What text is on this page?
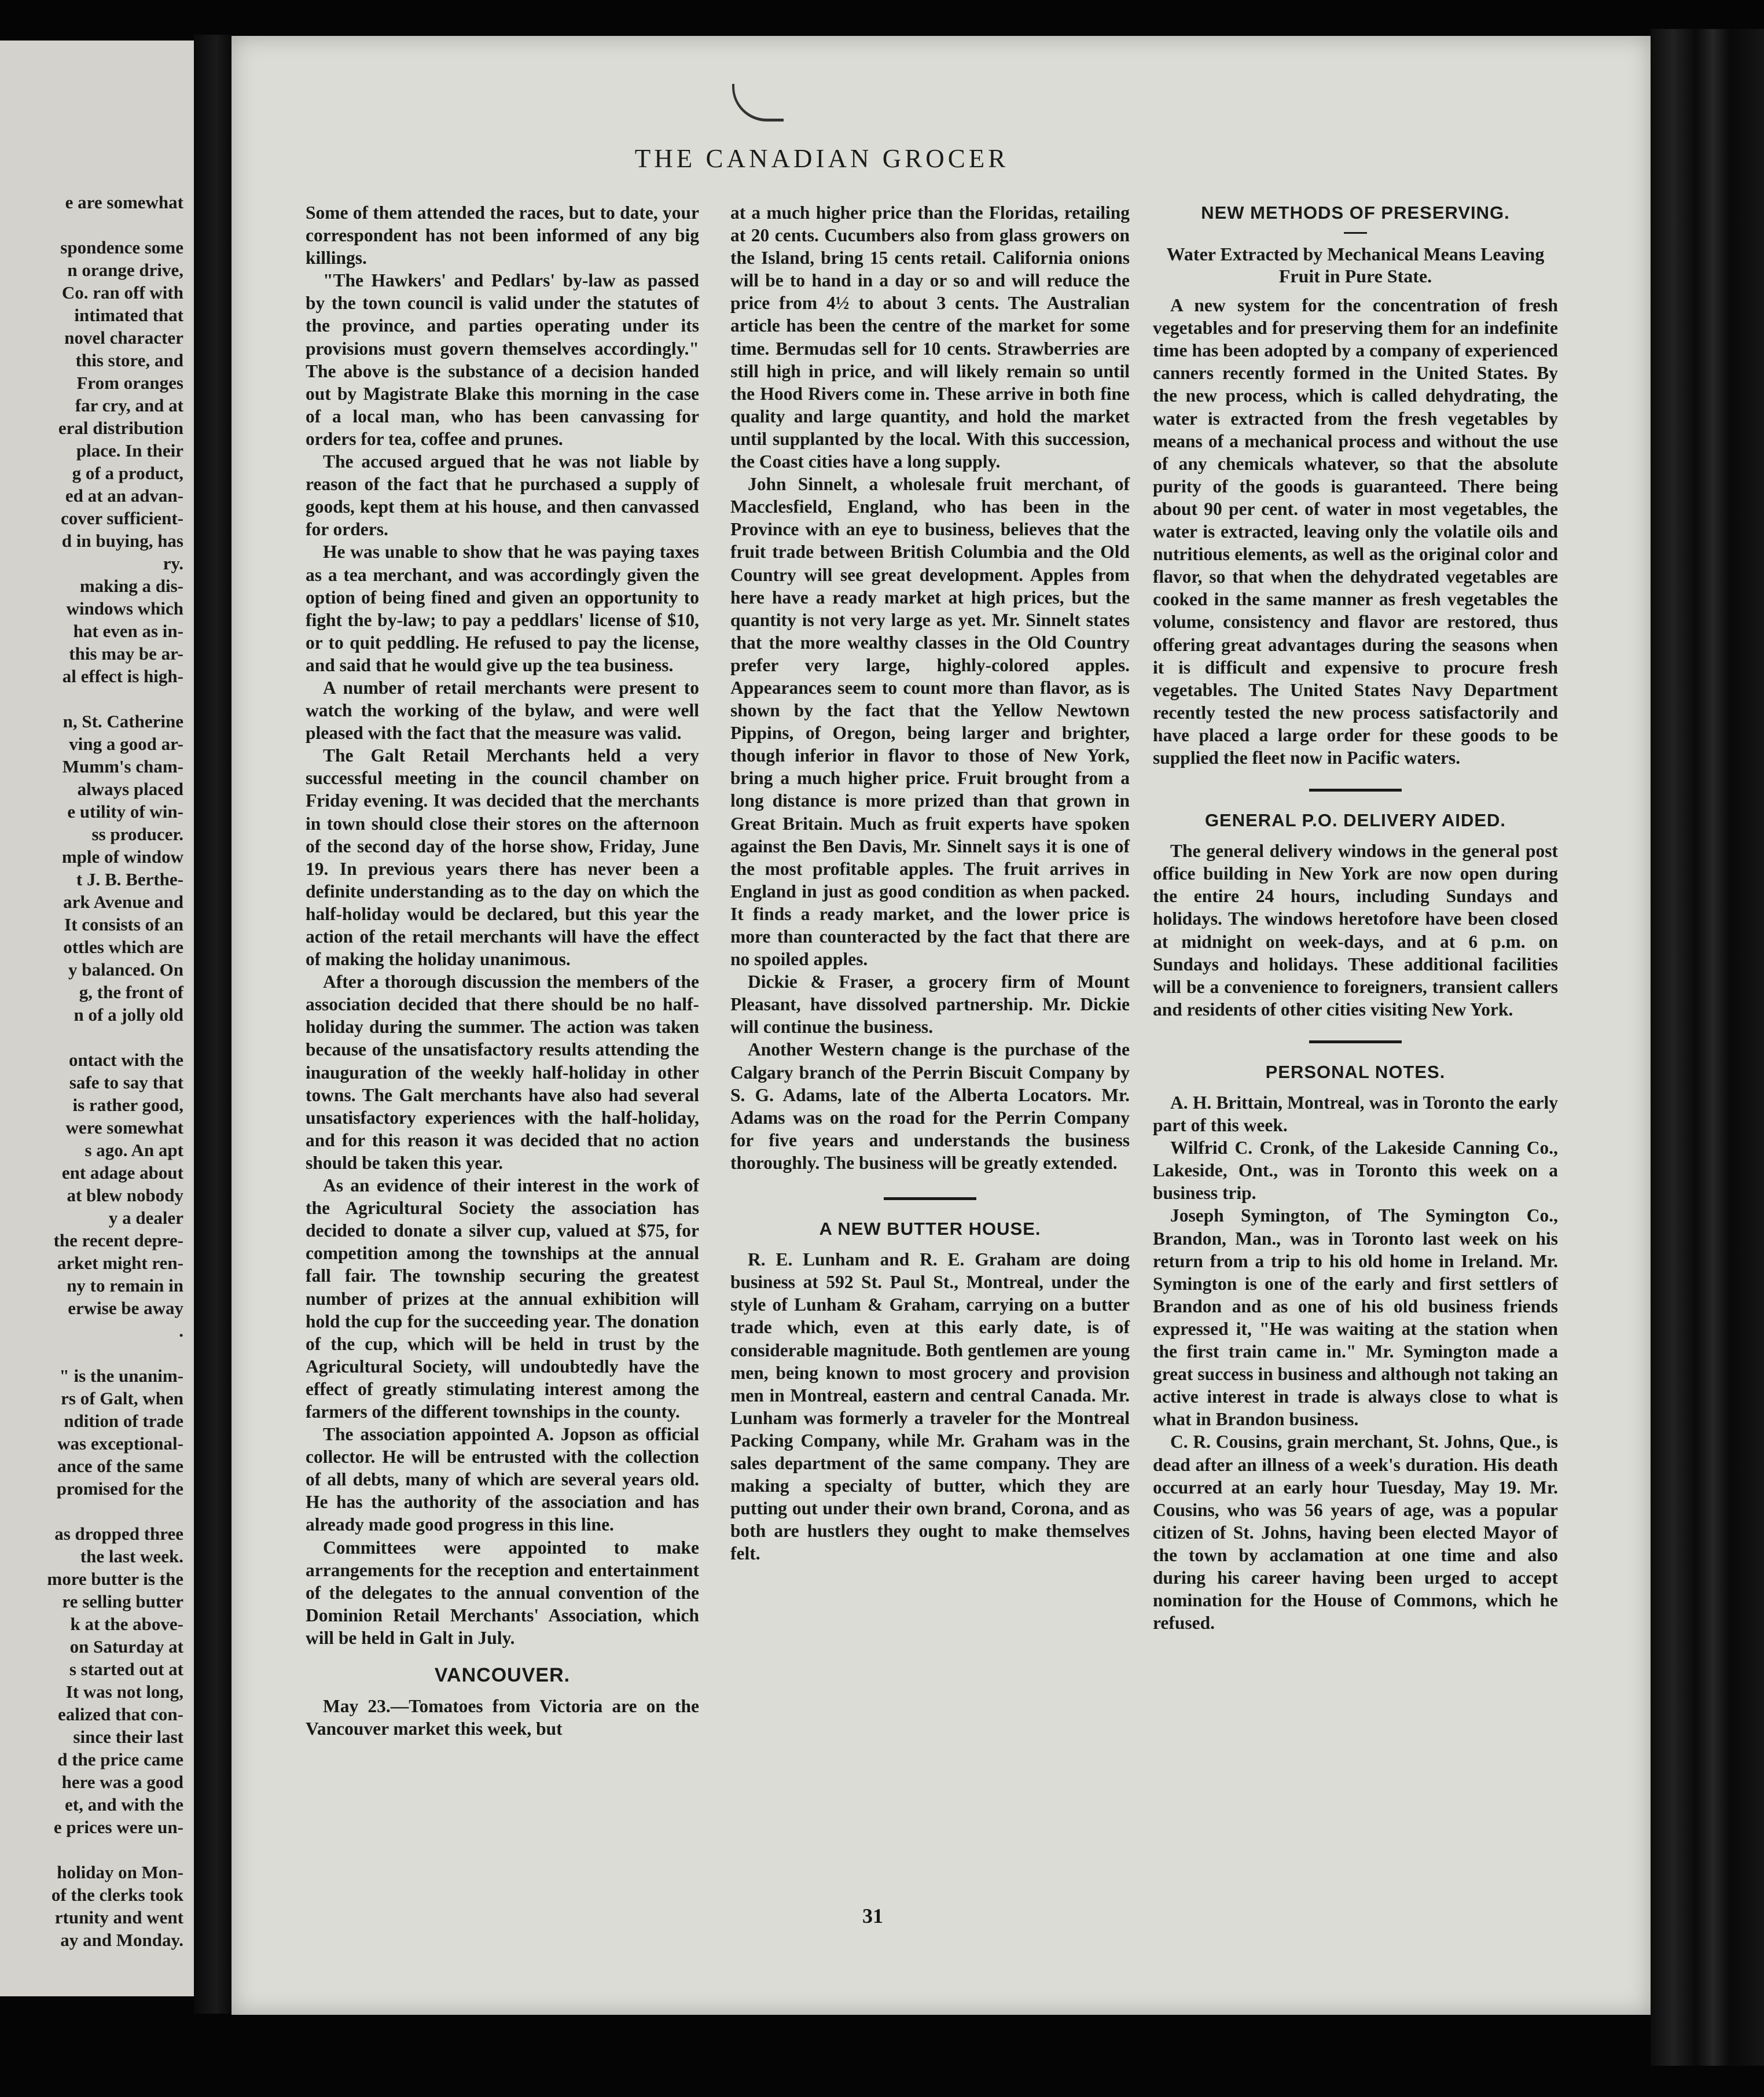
e are somewhat
spondence some
n orange drive,
Co. ran off with
intimated that
novel character
this store, and
From oranges
far cry, and at
eral distribution
place. In their
g of a product,
ed at an advan-
cover sufficient-
d in buying, has
ry.
making a dis-
windows which
hat even as in-
this may be ar-
al effect is high-
n, St. Catherine
ving a good ar-
Mumm's cham-
always placed
e utility of win-
ss producer.
mple of window
t J. B. Berthe-
ark Avenue and
It consists of an
ottles which are
y balanced. On
g, the front of
n of a jolly old
ontact with the
safe to say that
is rather good,
were somewhat
s ago. An apt
ent adage about
at blew nobody
y a dealer
the recent depre-
arket might ren-
ny to remain in
erwise be away
.
" is the unanim-
rs of Galt, when
ndition of trade
was exceptional-
ance of the same
promised for the
as dropped three
the last week.
more butter is the
re selling butter
k at the above-
on Saturday at
s started out at
It was not long,
ealized that con-
since their last
d the price came
here was a good
et, and with the
e prices were un-
holiday on Mon-
of the clerks took
rtunity and went
ay and Monday.
THE CANADIAN GROCER

Some of them attended the races, but to date, your correspondent has not been informed of any big killings.

"The Hawkers' and Pedlars' by-law as passed by the town council is valid under the statutes of the province, and parties operating under its provisions must govern themselves accordingly." The above is the substance of a decision handed out by Magistrate Blake this morning in the case of a local man, who has been canvassing for orders for tea, coffee and prunes.

The accused argued that he was not liable by reason of the fact that he purchased a supply of goods, kept them at his house, and then canvassed for orders.

He was unable to show that he was paying taxes as a tea merchant, and was accordingly given the option of being fined and given an opportunity to fight the by-law; to pay a peddlars' license of $10, or to quit peddling. He refused to pay the license, and said that he would give up the tea business.

A number of retail merchants were present to watch the working of the bylaw, and were well pleased with the fact that the measure was valid.

The Galt Retail Merchants held a very successful meeting in the council chamber on Friday evening. It was decided that the merchants in town should close their stores on the afternoon of the second day of the horse show, Friday, June 19. In previous years there has never been a definite understanding as to the day on which the half-holiday would be declared, but this year the action of the retail merchants will have the effect of making the holiday unanimous.

After a thorough discussion the members of the association decided that there should be no half-holiday during the summer. The action was taken because of the unsatisfactory results attending the inauguration of the weekly half-holiday in other towns. The Galt merchants have also had several unsatisfactory experiences with the half-holiday, and for this reason it was decided that no action should be taken this year.

As an evidence of their interest in the work of the Agricultural Society the association has decided to donate a silver cup, valued at $75, for competition among the townships at the annual fall fair. The township securing the greatest number of prizes at the annual exhibition will hold the cup for the succeeding year. The donation of the cup, which will be held in trust by the Agricultural Society, will undoubtedly have the effect of greatly stimulating interest among the farmers of the different townships in the county.

The association appointed A. Jopson as official collector. He will be entrusted with the collection of all debts, many of which are several years old. He has the authority of the association and has already made good progress in this line.

Committees were appointed to make arrangements for the reception and entertainment of the delegates to the annual convention of the Dominion Retail Merchants' Association, which will be held in Galt in July.

VANCOUVER.

May 23.—Tomatoes from Victoria are on the Vancouver market this week, but

at a much higher price than the Floridas, retailing at 20 cents. Cucumbers also from glass growers on the Island, bring 15 cents retail. California onions will be to hand in a day or so and will reduce the price from 4½ to about 3 cents. The Australian article has been the centre of the market for some time. Bermudas sell for 10 cents. Strawberries are still high in price, and will likely remain so until the Hood Rivers come in. These arrive in both fine quality and large quantity, and hold the market until supplanted by the local. With this succession, the Coast cities have a long supply.

John Sinnelt, a wholesale fruit merchant, of Macclesfield, England, who has been in the Province with an eye to business, believes that the fruit trade between British Columbia and the Old Country will see great development. Apples from here have a ready market at high prices, but the quantity is not very large as yet. Mr. Sinnelt states that the more wealthy classes in the Old Country prefer very large, highly-colored apples. Appearances seem to count more than flavor, as is shown by the fact that the Yellow Newtown Pippins, of Oregon, being larger and brighter, though inferior in flavor to those of New York, bring a much higher price. Fruit brought from a long distance is more prized than that grown in Great Britain. Much as fruit experts have spoken against the Ben Davis, Mr. Sinnelt says it is one of the most profitable apples. The fruit arrives in England in just as good condition as when packed. It finds a ready market, and the lower price is more than counteracted by the fact that there are no spoiled apples.

Dickie & Fraser, a grocery firm of Mount Pleasant, have dissolved partnership. Mr. Dickie will continue the business.

Another Western change is the purchase of the Calgary branch of the Perrin Biscuit Company by S. G. Adams, late of the Alberta Locators. Mr. Adams was on the road for the Perrin Company for five years and understands the business thoroughly. The business will be greatly extended.

A NEW BUTTER HOUSE.

R. E. Lunham and R. E. Graham are doing business at 592 St. Paul St., Montreal, under the style of Lunham & Graham, carrying on a butter trade which, even at this early date, is of considerable magnitude. Both gentlemen are young men, being known to most grocery and provision men in Montreal, eastern and central Canada. Mr. Lunham was formerly a traveler for the Montreal Packing Company, while Mr. Graham was in the sales department of the same company. They are making a specialty of butter, which they are putting out under their own brand, Corona, and as both are hustlers they ought to make themselves felt.

NEW METHODS OF PRESERVING.
Water Extracted by Mechanical Means Leaving Fruit in Pure State.

A new system for the concentration of fresh vegetables and for preserving them for an indefinite time has been adopted by a company of experienced canners recently formed in the United States. By the new process, which is called dehydrating, the water is extracted from the fresh vegetables by means of a mechanical process and without the use of any chemicals whatever, so that the absolute purity of the goods is guaranteed. There being about 90 per cent. of water in most vegetables, the water is extracted, leaving only the volatile oils and nutritious elements, as well as the original color and flavor, so that when the dehydrated vegetables are cooked in the same manner as fresh vegetables the volume, consistency and flavor are restored, thus offering great advantages during the seasons when it is difficult and expensive to procure fresh vegetables. The United States Navy Department recently tested the new process satisfactorily and have placed a large order for these goods to be supplied the fleet now in Pacific waters.

GENERAL P.O. DELIVERY AIDED.

The general delivery windows in the general post office building in New York are now open during the entire 24 hours, including Sundays and holidays. The windows heretofore have been closed at midnight on week-days, and at 6 p.m. on Sundays and holidays. These additional facilities will be a convenience to foreigners, transient callers and residents of other cities visiting New York.

PERSONAL NOTES.

A. H. Brittain, Montreal, was in Toronto the early part of this week.

Wilfrid C. Cronk, of the Lakeside Canning Co., Lakeside, Ont., was in Toronto this week on a business trip.

Joseph Symington, of The Symington Co., Brandon, Man., was in Toronto last week on his return from a trip to his old home in Ireland. Mr. Symington is one of the early and first settlers of Brandon and as one of his old business friends expressed it, "He was waiting at the station when the first train came in." Mr. Symington made a great success in business and although not taking an active interest in trade is always close to what is what in Brandon business.

C. R. Cousins, grain merchant, St. Johns, Que., is dead after an illness of a week's duration. His death occurred at an early hour Tuesday, May 19. Mr. Cousins, who was 56 years of age, was a popular citizen of St. Johns, having been elected Mayor of the town by acclamation at one time and also during his career having been urged to accept nomination for the House of Commons, which he refused.

31
